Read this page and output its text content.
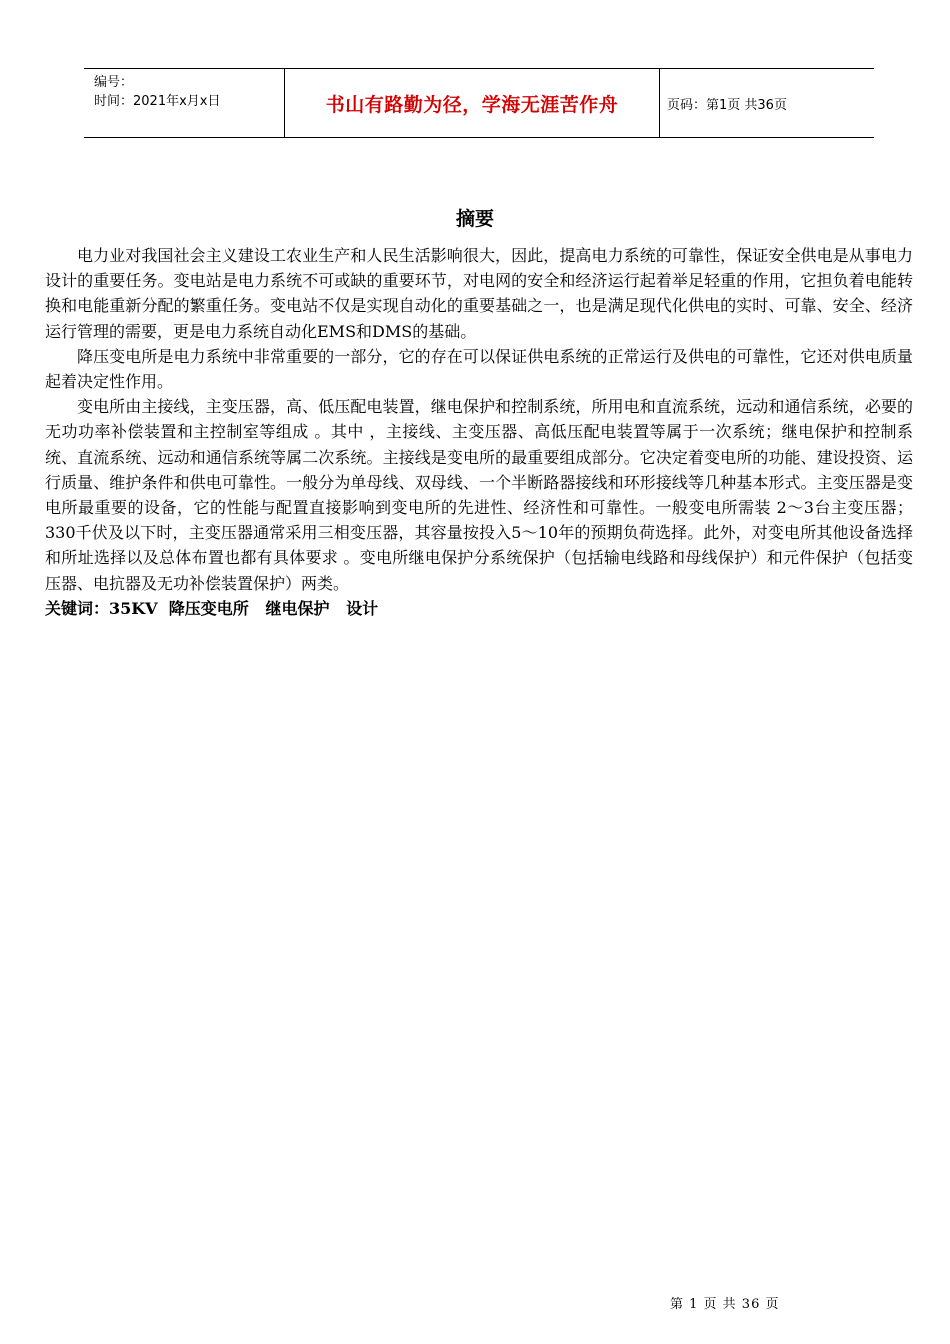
编号：
时间：2021年x月x日	书山有路勤为径，学海无涯苦作舟	页码：第1页 共36页
摘要

电力业对我国社会主义建设工农业生产和人民生活影响很大，因此，提高电力系统的可靠性，保证安全供电是从事电力设计的重要任务。变电站是电力系统不可或缺的重要环节，对电网的安全和经济运行起着举足轻重的作用，它担负着电能转换和电能重新分配的繁重任务。变电站不仅是实现自动化的重要基础之一，也是满足现代化供电的实时、可靠、安全、经济运行管理的需要，更是电力系统自动化EMS和DMS的基础。

降压变电所是电力系统中非常重要的一部分，它的存在可以保证供电系统的正常运行及供电的可靠性，它还对供电质量起着决定性作用。

变电所由主接线，主变压器，高、低压配电装置，继电保护和控制系统，所用电和直流系统，远动和通信系统，必要的无功功率补偿装置和主控制室等组成 。其中 ，主接线、主变压器、高低压配电装置等属于一次系统；继电保护和控制系统、直流系统、远动和通信系统等属二次系统。主接线是变电所的最重要组成部分。它决定着变电所的功能、建设投资、运行质量、维护条件和供电可靠性。一般分为单母线、双母线、一个半断路器接线和环形接线等几种基本形式。主变压器是变电所最重要的设备，它的性能与配置直接影响到变电所的先进性、经济性和可靠性。一般变电所需装 2～3台主变压器；330千伏及以下时，主变压器通常采用三相变压器，其容量按投入5～10年的预期负荷选择。此外，对变电所其他设备选择和所址选择以及总体布置也都有具体要求 。变电所继电保护分系统保护（包括输电线路和母线保护）和元件保护（包括变压器、电抗器及无功补偿装置保护）两类。

关键词：35KV  降压变电所   继电保护   设计
第 1 页 共 36 页
